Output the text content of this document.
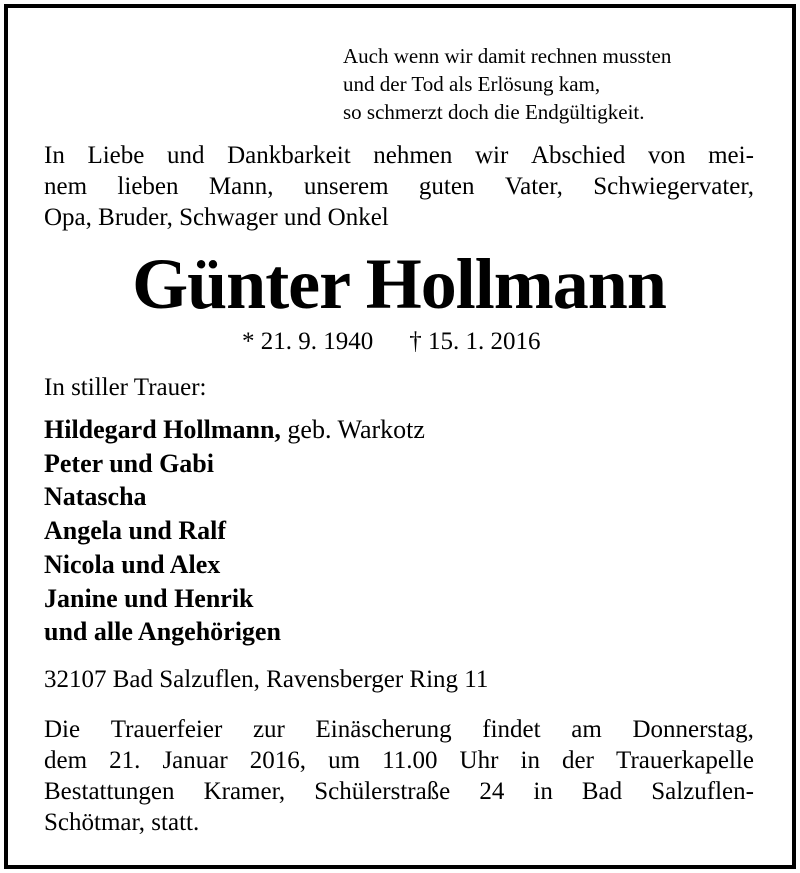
Auch wenn wir damit rechnen mussten
und der Tod als Erlösung kam,
so schmerzt doch die Endgültigkeit.
In Liebe und Dankbarkeit nehmen wir Abschied von mei-
nem lieben Mann, unserem guten Vater, Schwiegervater,
Opa, Bruder, Schwager und Onkel
Günter Hollmann
* 21. 9. 1940 † 15. 1. 2016
In stiller Trauer:
Hildegard Hollmann, geb. Warkotz
Peter und Gabi
Natascha
Angela und Ralf
Nicola und Alex
Janine und Henrik
und alle Angehörigen
32107 Bad Salzuflen, Ravensberger Ring 11
Die Trauerfeier zur Einäscherung findet am Donnerstag,
dem 21. Januar 2016, um 11.00 Uhr in der Trauerkapelle
Bestattungen Kramer, Schülerstraße 24 in Bad Salzuflen-
Schötmar, statt.
